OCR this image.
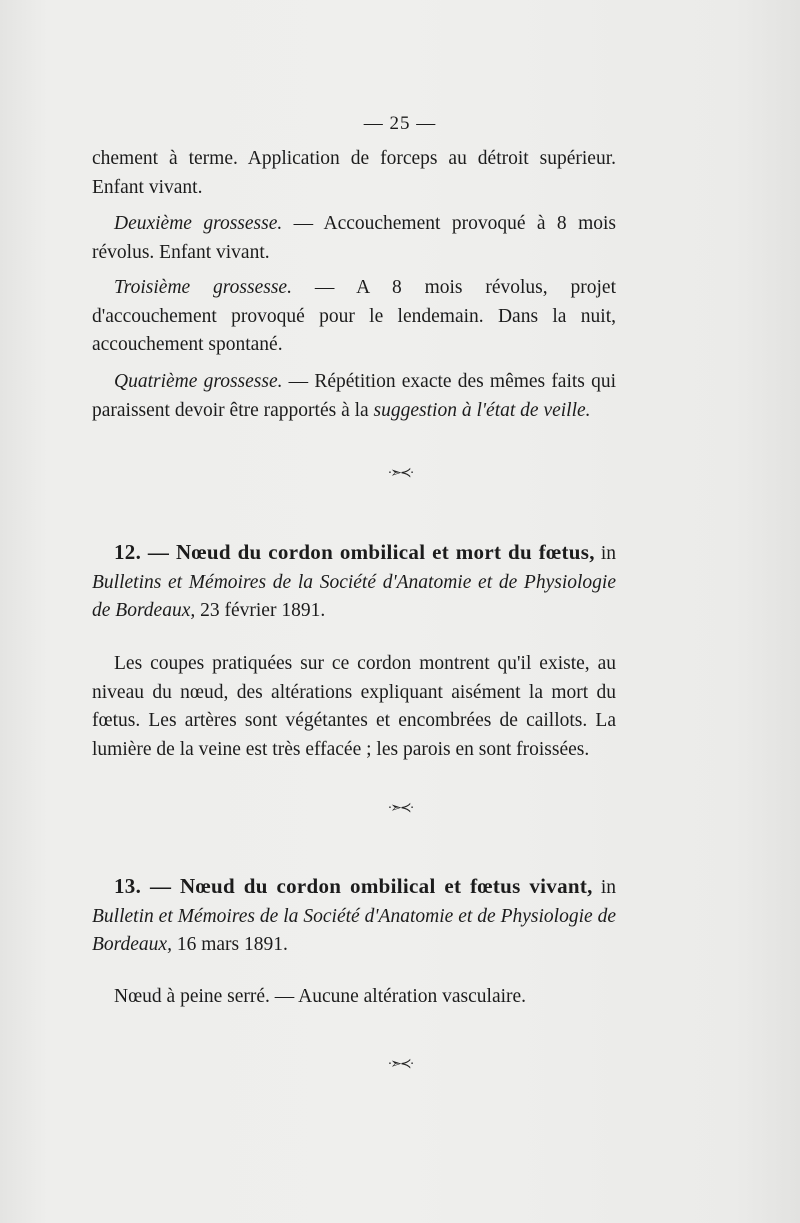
— 25 —

chement à terme. Application de forceps au détroit supérieur. Enfant vivant.

Deuxième grossesse. — Accouchement provoqué à 8 mois révolus. Enfant vivant.

Troisième grossesse. — A 8 mois révolus, projet d'accouchement provoqué pour le lendemain. Dans la nuit, accouchement spontané.

Quatrième grossesse. — Répétition exacte des mêmes faits qui paraissent devoir être rapportés à la suggestion à l'état de veille.

·➣≺·

12. — Nœud du cordon ombilical et mort du fœtus, in Bulletins et Mémoires de la Société d'Anatomie et de Physiologie de Bordeaux, 23 février 1891.

Les coupes pratiquées sur ce cordon montrent qu'il existe, au niveau du nœud, des altérations expliquant aisément la mort du fœtus. Les artères sont végétantes et encombrées de caillots. La lumière de la veine est très effacée ; les parois en sont froissées.

·➣≺·

13. — Nœud du cordon ombilical et fœtus vivant, in Bulletin et Mémoires de la Société d'Anatomie et de Physiologie de Bordeaux, 16 mars 1891.

Nœud à peine serré. — Aucune altération vasculaire.

·➣≺·
